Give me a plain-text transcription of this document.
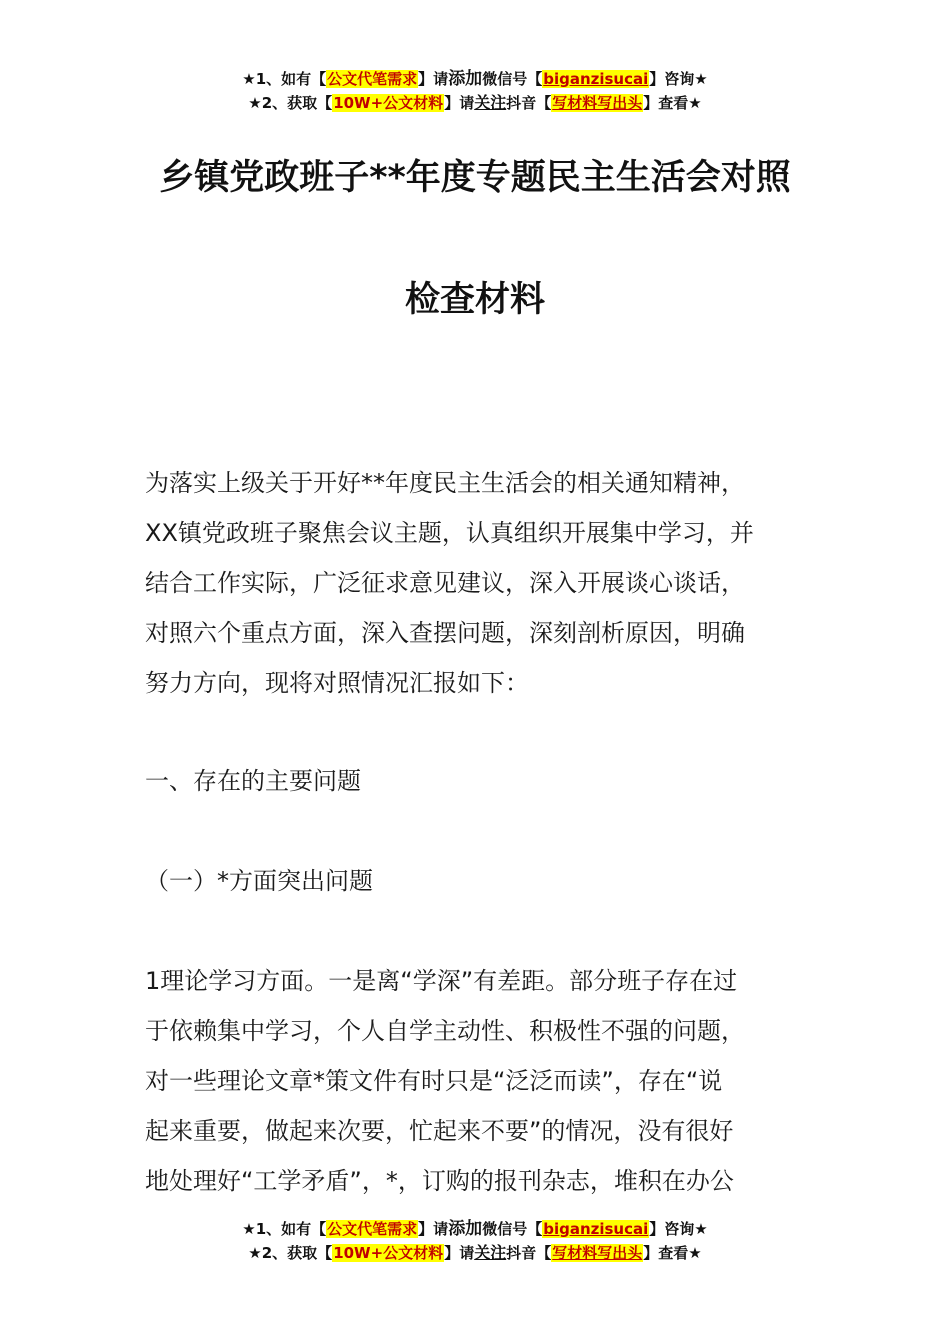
★1、如有【公文代笔需求】请添加微信号【biganzisucai】咨询★
★2、获取【10W+公文材料】请关注抖音【写材料写出头】查看★
乡镇党政班子**年度专题民主生活会对照
检查材料

为落实上级关于开好**年度民主生活会的相关通知精神，

XX镇党政班子聚焦会议主题，认真组织开展集中学习，并

结合工作实际，广泛征求意见建议，深入开展谈心谈话，

对照六个重点方面，深入查摆问题，深刻剖析原因，明确

努力方向，现将对照情况汇报如下：

一、存在的主要问题

（一）*方面突出问题

1理论学习方面。一是离“学深”有差距。部分班子存在过

于依赖集中学习，个人自学主动性、积极性不强的问题，

对一些理论文章*策文件有时只是“泛泛而读”，存在“说

起来重要，做起来次要，忙起来不要”的情况，没有很好

地处理好“工学矛盾”，*，订购的报刊杂志，堆积在办公

★1、如有【公文代笔需求】请添加微信号【biganzisucai】咨询★
★2、获取【10W+公文材料】请关注抖音【写材料写出头】查看★
